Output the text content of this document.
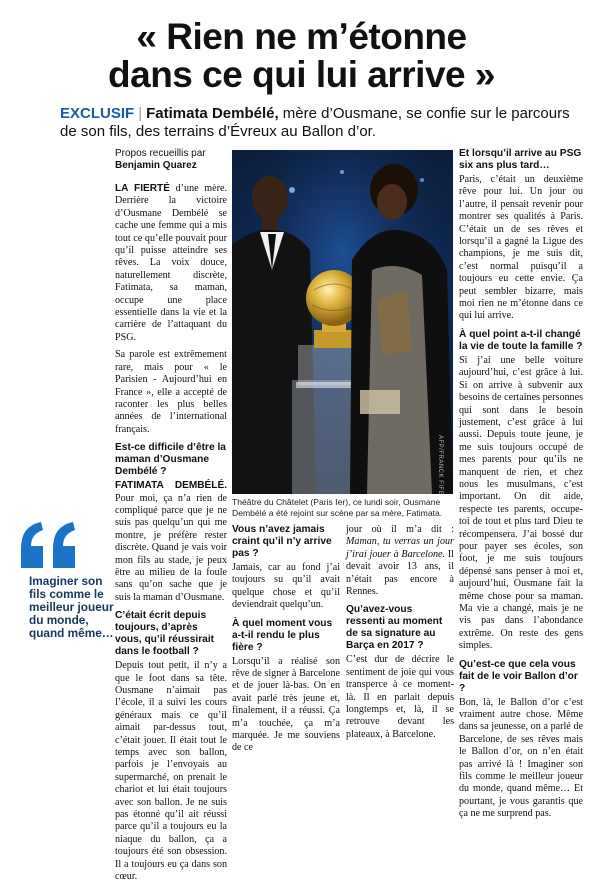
« Rien ne m’étonne
dans ce qui lui arrive »
EXCLUSIF | Fatimata Dembélé, mère d’Ousmane, se confie sur le parcours de son fils, des terrains d’Évreux au Ballon d’or.
Propos recueillis par
Benjamin Quarez

LA FIERTÉ d’une mère. Derrière la victoire d’Ousmane Dembélé se cache une femme qui a mis tout ce qu’elle pouvait pour qu’il puisse atteindre ses rêves. La voix douce, naturellement discrète, Fatimata, sa maman, occupe une place essentielle dans la vie et la carrière de l’attaquant du PSG.

Sa parole est extrêmement rare, mais pour « le Parisien - Aujourd’hui en France », elle a accepté de raconter les plus belles années de l’international français.

Est-ce difficile d’être la maman d’Ousmane Dembélé ?

FATIMATA DEMBÉLÉ. Pour moi, ça n’a rien de compliqué parce que je ne suis pas quelqu’un qui me montre, je préfère rester discrète. Quand je vais voir mon fils au stade, je peux être au milieu de la foule sans qu’on sache que je suis la maman d’Ousmane.

C’était écrit depuis toujours, d’après vous, qu’il réussirait dans le football ?

Depuis tout petit, il n’y a que le foot dans sa tête. Ousmane n’aimait pas l’école, il a suivi les cours généraux mais ce qu’il aimait par-dessus tout, c’était jouer. Il était tout le temps avec son ballon, parfois je l’envoyais au supermarché, on prenait le chariot et lui était toujours avec son ballon. Je ne suis pas étonné qu’il ait réussi parce qu’il a toujours eu la niaque du ballon, ça a toujours été son obsession. Il a toujours eu ça dans son cœur.

AFP/FRANCK FIFE
Théâtre du Châtelet (Paris Ier), ce lundi soir, Ousmane Dembélé a été rejoint sur scène par sa mère, Fatimata.
Imaginer son fils comme le meilleur joueur du monde, quand même…
Vous n’avez jamais craint qu’il n’y arrive pas ?

Jamais, car au fond j’ai toujours su qu’il avait quelque chose et qu’il deviendrait quelqu’un.

À quel moment vous a-t-il rendu le plus fière ?

Lorsqu’il a réalisé son rêve de signer à Barcelone et de jouer là-bas. On en avait parlé très jeune et, finalement, il a réussi. Ça m’a touchée, ça m’a marquée. Je me souviens de ce

jour où il m’a dit : Maman, tu verras un jour j’irai jouer à Barcelone. Il devait avoir 13 ans, il n’était pas encore à Rennes.

Qu’avez-vous ressenti au moment de sa signature au Barça en 2017 ?

C’est dur de décrire le sentiment de joie qui vous transperce à ce moment-là. Il en parlait depuis longtemps et, là, il se retrouve devant les plateaux, à Barcelone.

Et lorsqu’il arrive au PSG six ans plus tard…

Paris, c’était un deuxième rêve pour lui. Un jour ou l’autre, il pensait revenir pour montrer ses qualités à Paris. C’était un de ses rêves et lorsqu’il a gagné la Ligue des champions, je me suis dit, c’est normal puisqu’il a toujours eu cette envie. Ça peut sembler bizarre, mais moi rien ne m’étonne dans ce qui lui arrive.

À quel point a-t-il changé la vie de toute la famille ?

Si j’ai une belle voiture aujourd’hui, c’est grâce à lui. Si on arrive à subvenir aux besoins de certaines personnes qui sont dans le besoin justement, c’est grâce à lui aussi. Depuis toute jeune, je me suis toujours occupé de mes parents pour qu’ils ne manquent de rien, et chez nous les musulmans, c’est important. On dit aide, respecte tes parents, occupe-toi de tout et plus tard Dieu te récompensera. J’ai bossé dur pour payer ses écoles, son foot, je me suis toujours dépensé sans penser à moi et, aujourd’hui, Ousmane fait la même chose pour sa maman. Ma vie a changé, mais je ne vis pas dans l’abondance extrême. On reste des gens simples.

Qu’est-ce que cela vous fait de le voir Ballon d’or ?

Bon, là, le Ballon d’or c’est vraiment autre chose. Même dans sa jeunesse, on a parlé de Barcelone, de ses rêves mais le Ballon d’or, on n’en était pas arrivé là ! Imaginer son fils comme le meilleur joueur du monde, quand même… Et pourtant, je vous garantis que ça ne me surprend pas.
